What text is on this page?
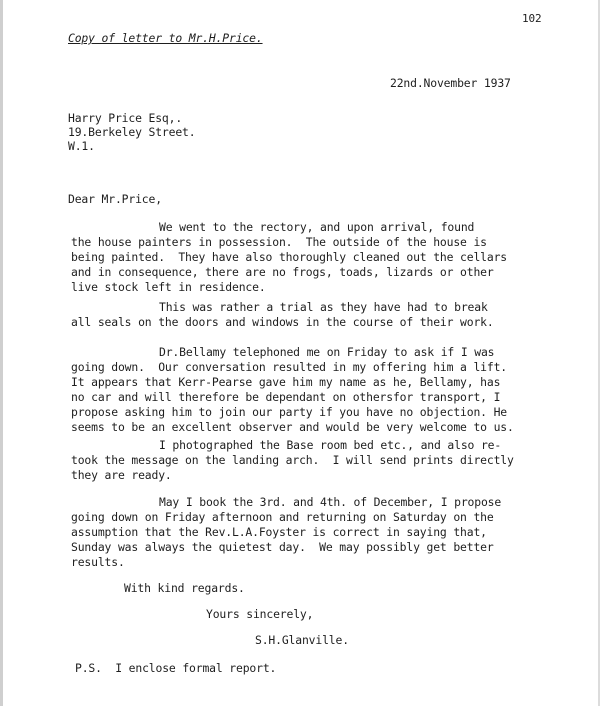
102
Copy of letter to Mr.H.Price.
22nd.November 1937
Harry Price Esq,.
19.Berkeley Street.
W.1.
Dear Mr.Price,
We went to the rectory, and upon arrival, found
the house painters in possession.  The outside of the house is
being painted.  They have also thoroughly cleaned out the cellars
and in consequence, there are no frogs, toads, lizards or other
live stock left in residence.
This was rather a trial as they have had to break
all seals on the doors and windows in the course of their work.
Dr.Bellamy telephoned me on Friday to ask if I was
going down.  Our conversation resulted in my offering him a lift.
It appears that Kerr-Pearse gave him my name as he, Bellamy, has
no car and will therefore be dependant on othersfor transport, I
propose asking him to join our party if you have no objection. He
seems to be an excellent observer and would be very welcome to us.
I photographed the Base room bed etc., and also re-
took the message on the landing arch.  I will send prints directly
they are ready.
May I book the 3rd. and 4th. of December, I propose
going down on Friday afternoon and returning on Saturday on the
assumption that the Rev.L.A.Foyster is correct in saying that,
Sunday was always the quietest day.  We may possibly get better
results.
With kind regards.
Yours sincerely,
S.H.Glanville.
P.S.  I enclose formal report.
